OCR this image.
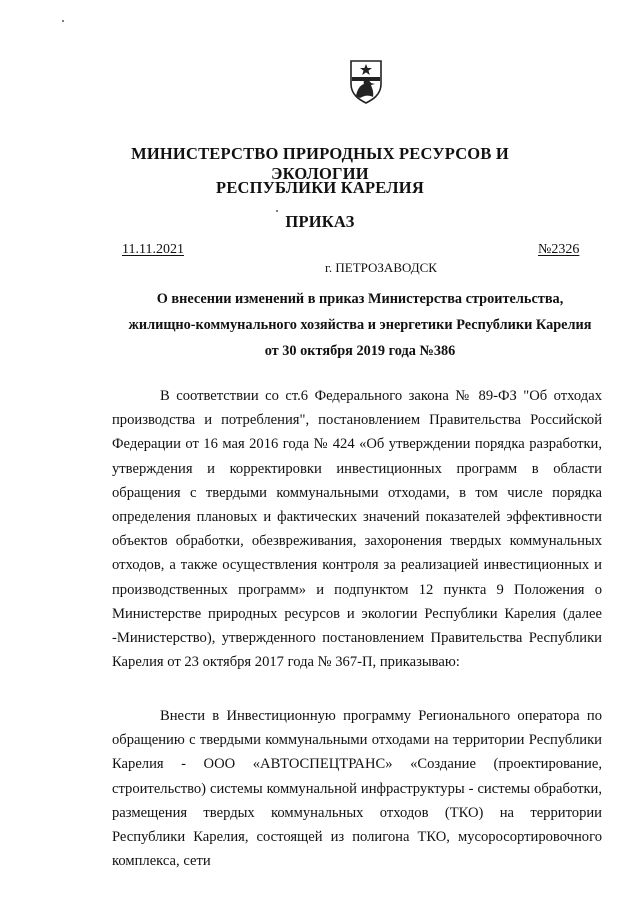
МИНИСТЕРСТВО ПРИРОДНЫХ РЕСУРСОВ И ЭКОЛОГИИ
РЕСПУБЛИКИ КАРЕЛИЯ
ПРИКАЗ
11.11.2021	№2326
г. ПЕТРОЗАВОДСК
О внесении изменений в приказ Министерства строительства,
жилищно-коммунального хозяйства и энергетики Республики Карелия
от 30 октября 2019 года №386
В соответствии со ст.6 Федерального закона № 89-ФЗ "Об отходах производства и потребления", постановлением Правительства Российской Федерации от 16 мая 2016 года № 424 «Об утверждении порядка разработки, утверждения и корректировки инвестиционных программ в области обращения с твердыми коммунальными отходами, в том числе порядка определения плановых и фактических значений показателей эффективности объектов обработки, обезвреживания, захоронения твердых коммунальных отходов, а также осуществления контроля за реализацией инвестиционных и производственных программ» и подпунктом 12 пункта 9 Положения о Министерстве природных ресурсов и экологии Республики Карелия (далее -Министерство), утвержденного постановлением Правительства Республики Карелия от 23 октября 2017 года № 367-П, приказываю:
Внести в Инвестиционную программу Регионального оператора по обращению с твердыми коммунальными отходами на территории Республики Карелия - ООО «АВТОСПЕЦТРАНС» «Создание (проектирование, строительство) системы коммунальной инфраструктуры - системы обработки, размещения твердых коммунальных отходов (ТКО) на территории Республики Карелия, состоящей из полигона ТКО, мусоросортировочного комплекса, сети
